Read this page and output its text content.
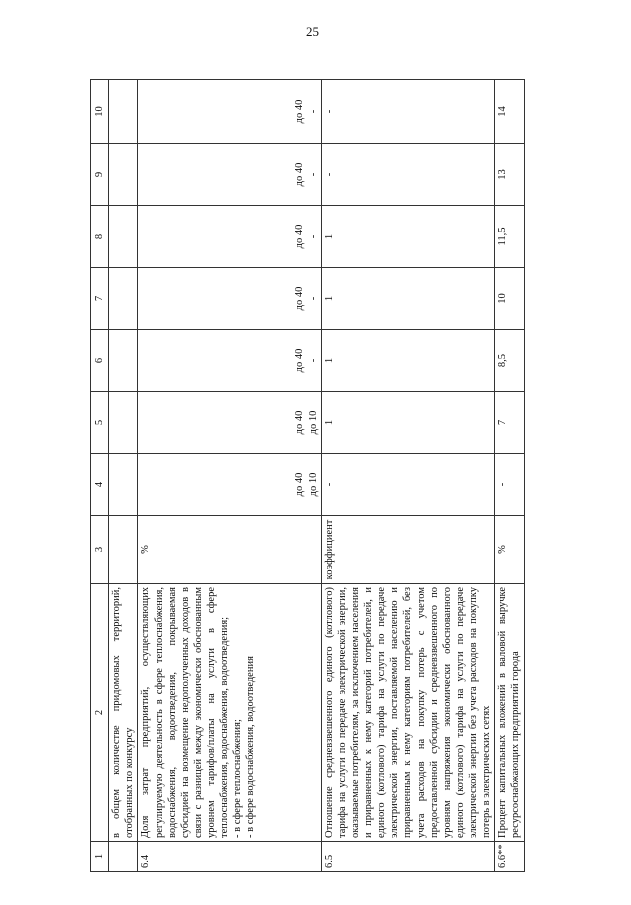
25
1	2	3	4	5	6	7	8	9	10
	в общем количестве придомовых территорий, отобранных по конкурсу								
6.4	Доля затрат предприятий, осуществляющих регулируемую деятельность в сфере теплоснабжения, водоснабжения, водоотведения, покрываемая субсидией на возмещение недополученных доходов в связи с разницей между экономически обоснованным уровнем тарифов/платы на услуги в сфере теплоснабжения, водоснабжения, водоотведения; - в сфере теплоснабжения; - в сфере водоснабжения, водоотведения	%	до 40 до 10	до 40 до 10	до 40 -	до 40 -	до 40 -	до 40 -	до 40 -

6.5	Отношение средневзвешенного единого (котлового) тарифа на услуги по передаче электрической энергии, оказываемые потребителям, за исключением населения и приравненных к нему категорий потребителей, и единого (котлового) тарифа на услуги по передаче электрической энергии, поставляемой населению и приравненным к нему категориям потребителей, без учета расходов на покупку потерь с учетом предоставленной субсидии и средневзвешенного по уровням напряжения экономически обоснованного единого (котлового) тарифа на услуги по передаче электрической энергии без учета расходов на покупку потерь в электрических сетях	коэффициент	-	1	1	1	1	-	-
6.6**	Процент капитальных вложений в валовой выручке ресурсоснабжающих предприятий города	%	-	7	8,5	10	11,5	13	14
